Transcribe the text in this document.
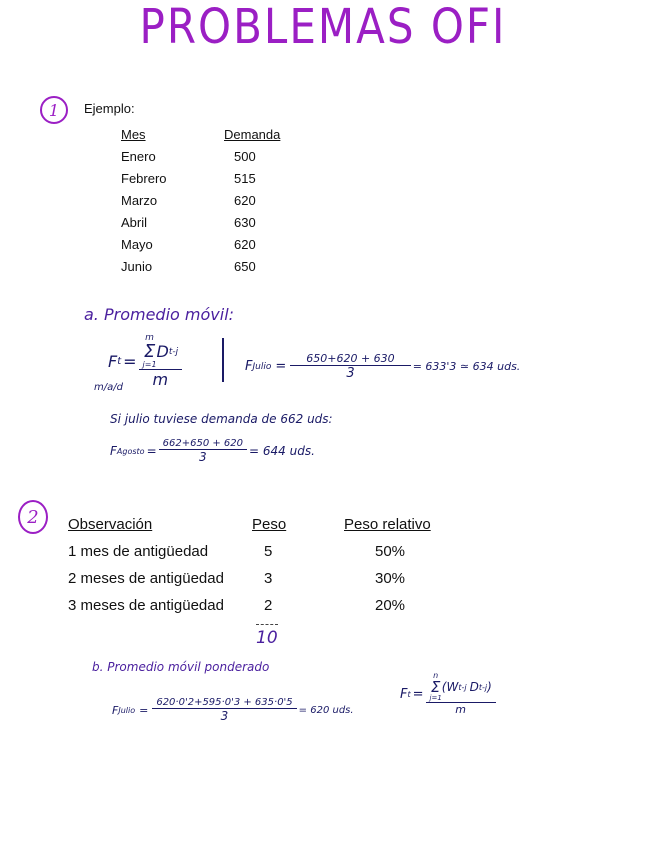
PROBLEMAS OFI
1	Ejemplo:
Mes	Demanda
Enero	500
Febrero	515
Marzo	620
Abril	630
Mayo	620
Junio	650
a. Promedio móvil:
F t = m
Σ
j=1
D t-j
m
m/a/d
F Julio = $\frac{650+620 + 630}{3} = 633'3$ ≃ 634 uds.
Si julio tuviese demanda de 662 uds:
F Agosto = $\frac{662+650 + 620}{3} = 644$ uds.
2	Observación	Peso	Peso relativo
1 mes de antigüedad	5	50%
2 meses de antigüedad	3	30%
3 meses de antigüedad	2	20%
10
b. Promedio móvil ponderado
F Julio = $\frac{620\cdot 0'2+595\cdot 0'3 + 635\cdot 0'5}{3} = 620$ uds.
F t =
n
Σ
j=1
(W t-j D t-j )
m
